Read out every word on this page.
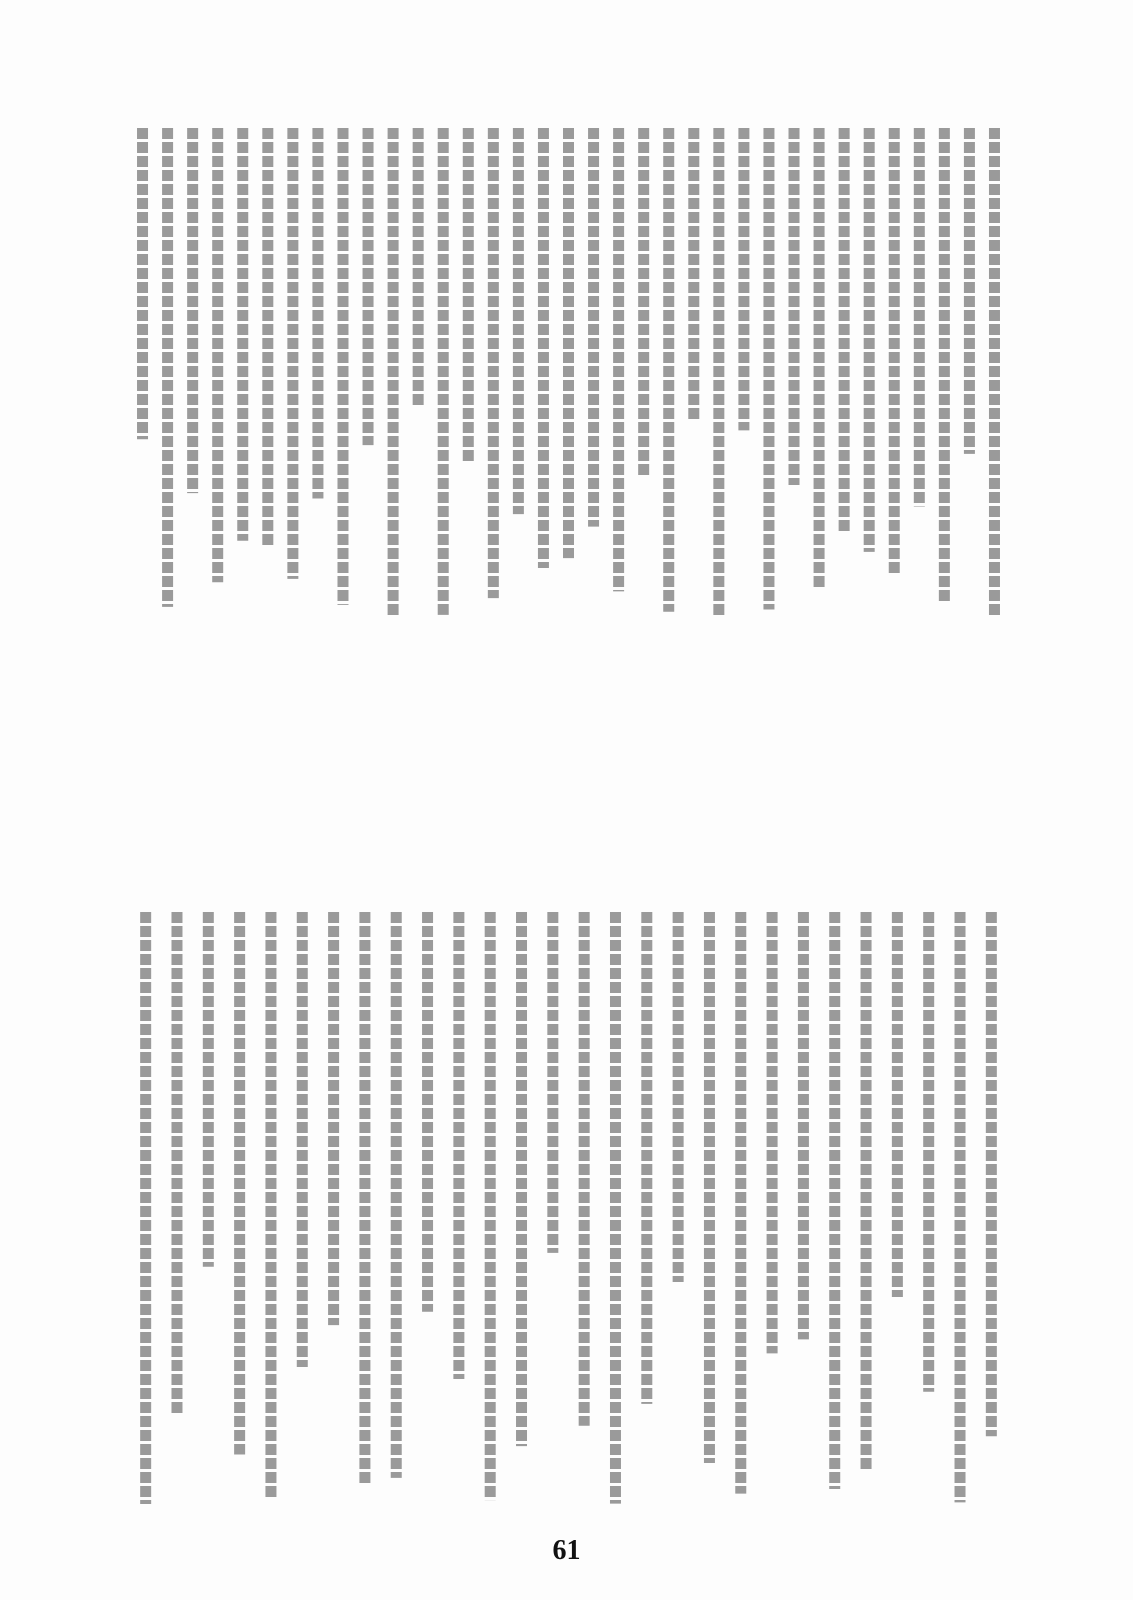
61
